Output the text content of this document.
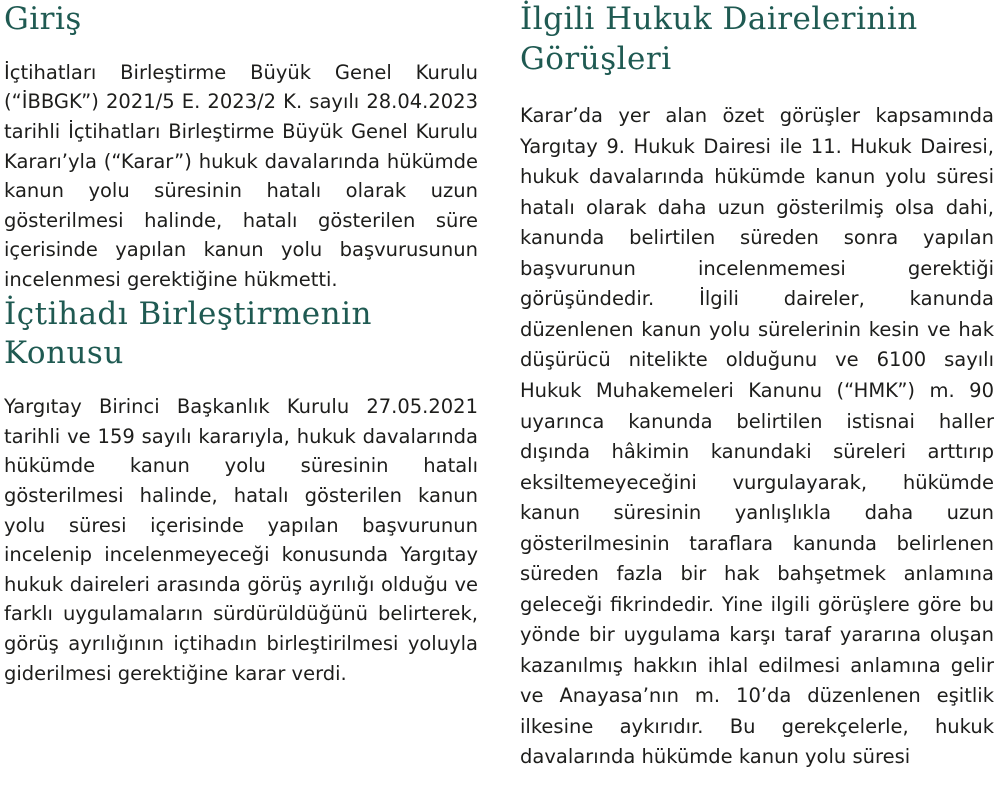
Giriş

İçtihatları Birleştirme Büyük Genel Kurulu (“İBBGK”) 2021/5 E. 2023/2 K. sayılı 28.04.2023 tarihli İçtihatları Birleştirme Büyük Genel Kurulu Kararı’yla (“Karar”) hukuk davalarında hükümde kanun yolu süresinin hatalı olarak uzun gösterilmesi halinde, hatalı gösterilen süre içerisinde yapılan kanun yolu başvurusunun incelenmesi gerektiğine hükmetti.

İçtihadı Birleştirmenin Konusu

Yargıtay Birinci Başkanlık Kurulu 27.05.2021 tarihli ve 159 sayılı kararıyla, hukuk davalarında hükümde kanun yolu süresinin hatalı gösterilmesi halinde, hatalı gösterilen kanun yolu süresi içerisinde yapılan başvurunun incelenip incelenmeyeceği konusunda Yargıtay hukuk daireleri arasında görüş ayrılığı olduğu ve farklı uygulamaların sürdürüldüğünü belirterek, görüş ayrılığının içtihadın birleştirilmesi yoluyla giderilmesi gerektiğine karar verdi.

İlgili Hukuk Dairelerinin Görüşleri

Karar’da yer alan özet görüşler kapsamında Yargıtay 9. Hukuk Dairesi ile 11. Hukuk Dairesi, hukuk davalarında hükümde kanun yolu süresi hatalı olarak daha uzun gösterilmiş olsa dahi, kanunda belirtilen süreden sonra yapılan başvurunun incelenmemesi gerektiği görüşündedir. İlgili daireler, kanunda düzenlenen kanun yolu sürelerinin kesin ve hak düşürücü nitelikte olduğunu ve 6100 sayılı Hukuk Muhakemeleri Kanunu (“HMK”) m. 90 uyarınca kanunda belirtilen istisnai haller dışında hâkimin kanundaki süreleri arttırıp eksiltemeyeceğini vurgulayarak, hükümde kanun süresinin yanlışlıkla daha uzun gösterilmesinin taraflara kanunda belirlenen süreden fazla bir hak bahşetmek anlamına geleceği fikrindedir. Yine ilgili görüşlere göre bu yönde bir uygulama karşı taraf yararına oluşan kazanılmış hakkın ihlal edilmesi anlamına gelir ve Anayasa’nın m. 10’da düzenlenen eşitlik ilkesine aykırıdır. Bu gerekçelerle, hukuk davalarında hükümde kanun yolu süresi
